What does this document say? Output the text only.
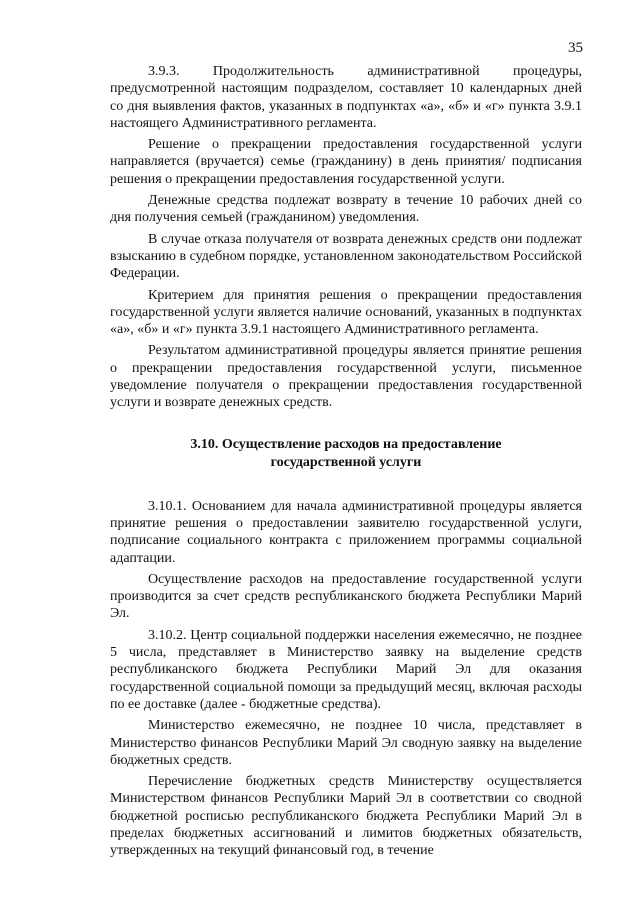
35

3.9.3. Продолжительность административной процедуры, предусмотренной настоящим подразделом, составляет 10 календарных дней со дня выявления фактов, указанных в подпунктах «а», «б» и «г» пункта 3.9.1 настоящего Административного регламента.

Решение о прекращении предоставления государственной услуги направляется (вручается) семье (гражданину) в день принятия/ подписания решения о прекращении предоставления государственной услуги.

Денежные средства подлежат возврату в течение 10 рабочих дней со дня получения семьей (гражданином) уведомления.

В случае отказа получателя от возврата денежных средств они подлежат взысканию в судебном порядке, установленном законодательством Российской Федерации.

Критерием для принятия решения о прекращении предоставления государственной услуги является наличие оснований, указанных в подпунктах «а», «б» и «г» пункта 3.9.1 настоящего Административного регламента.

Результатом административной процедуры является принятие решения о прекращении предоставления государственной услуги, письменное уведомление получателя о прекращении предоставления государственной услуги и возврате денежных средств.

3.10. Осуществление расходов на предоставление
государственной услуги

3.10.1. Основанием для начала административной процедуры является принятие решения о предоставлении заявителю государственной услуги, подписание социального контракта с приложением программы социальной адаптации.

Осуществление расходов на предоставление государственной услуги производится за счет средств республиканского бюджета Республики Марий Эл.

3.10.2. Центр социальной поддержки населения ежемесячно, не позднее 5 числа, представляет в Министерство заявку на выделение средств республиканского бюджета Республики Марий Эл для оказания государственной социальной помощи за предыдущий месяц, включая расходы по ее доставке (далее - бюджетные средства).

Министерство ежемесячно, не позднее 10 числа, представляет в Министерство финансов Республики Марий Эл сводную заявку на выделение бюджетных средств.

Перечисление бюджетных средств Министерству осуществляется Министерством финансов Республики Марий Эл в соответствии со сводной бюджетной росписью республиканского бюджета Республики Марий Эл в пределах бюджетных ассигнований и лимитов бюджетных обязательств, утвержденных на текущий финансовый год, в течение
